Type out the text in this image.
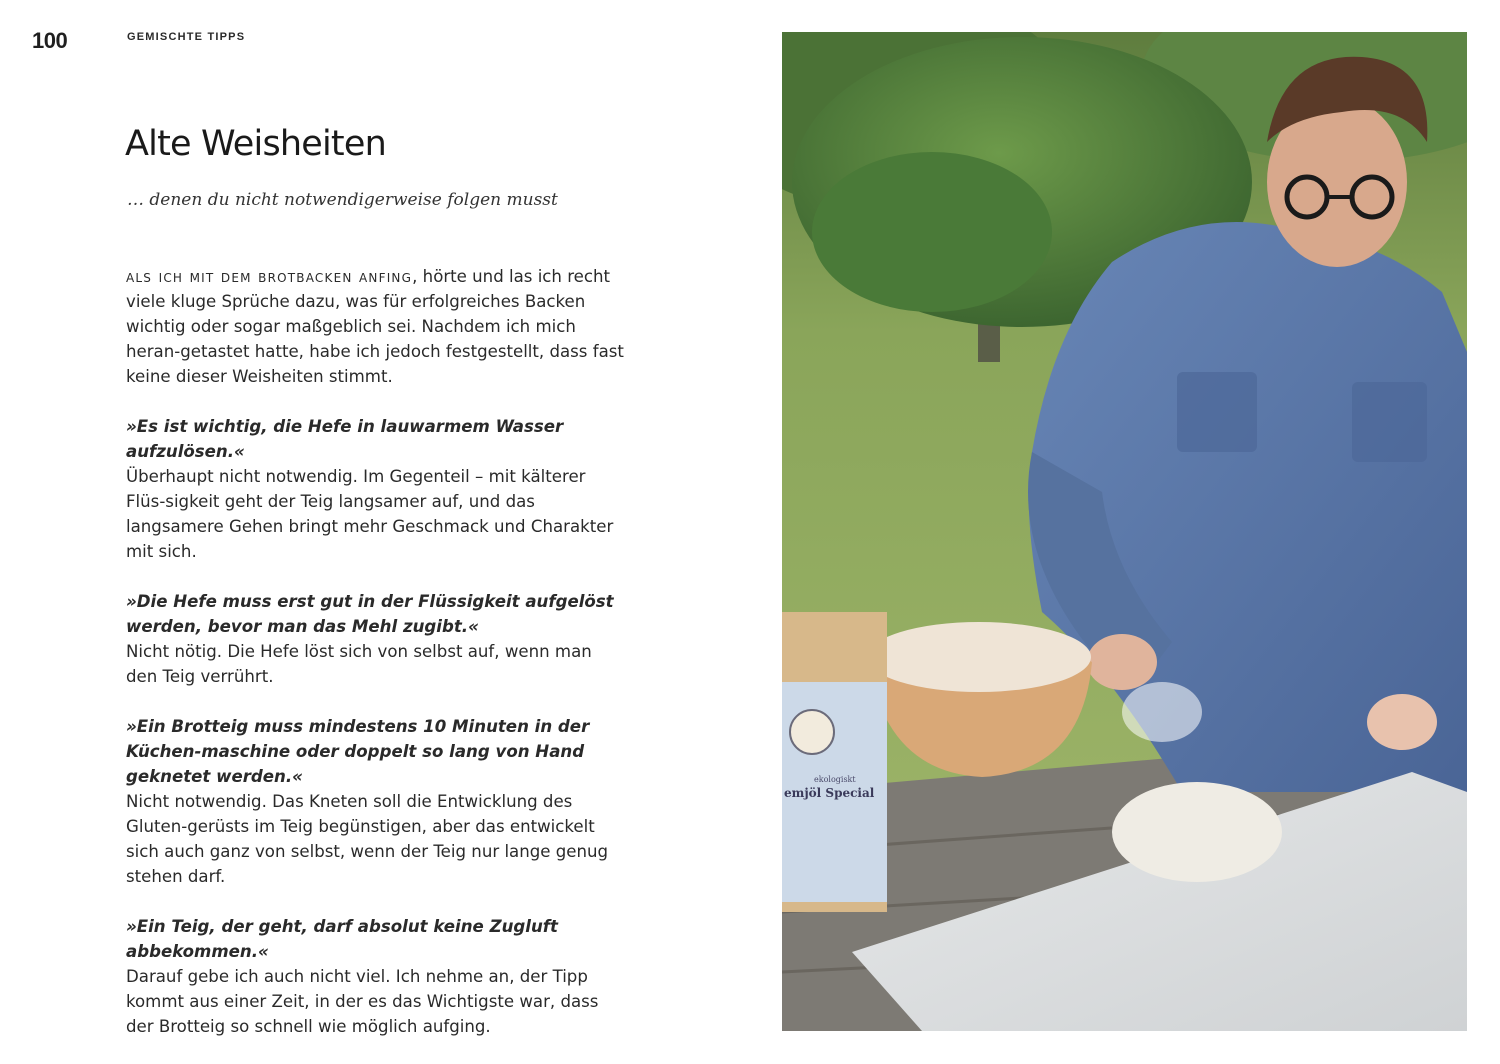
100	GEMISCHTE TIPPS
Alte Weisheiten
… denen du nicht notwendigerweise folgen musst

als ich mit dem brotbacken anfing, hörte und las ich recht viele kluge Sprüche dazu, was für erfolgreiches Backen wichtig oder sogar maßgeblich sei. Nachdem ich mich heran-getastet hatte, habe ich jedoch festgestellt, dass fast keine dieser Weisheiten stimmt.

»Es ist wichtig, die Hefe in lauwarmem Wasser aufzulösen.«
Überhaupt nicht notwendig. Im Gegenteil – mit kälterer Flüs-sigkeit geht der Teig langsamer auf, und das langsamere Gehen bringt mehr Geschmack und Charakter mit sich.

»Die Hefe muss erst gut in der Flüssigkeit aufgelöst werden, bevor man das Mehl zugibt.«
Nicht nötig. Die Hefe löst sich von selbst auf, wenn man den Teig verrührt.

»Ein Brotteig muss mindestens 10 Minuten in der Küchen-maschine oder doppelt so lang von Hand geknetet werden.«
Nicht notwendig. Das Kneten soll die Entwicklung des Gluten-gerüsts im Teig begünstigen, aber das entwickelt sich auch ganz von selbst, wenn der Teig nur lange genug stehen darf.

»Ein Teig, der geht, darf absolut keine Zugluft abbekommen.«
Darauf gebe ich auch nicht viel. Ich nehme an, der Tipp kommt aus einer Zeit, in der es das Wichtigste war, dass der Brotteig so schnell wie möglich aufging.

ekologiskt
emjöl Special
